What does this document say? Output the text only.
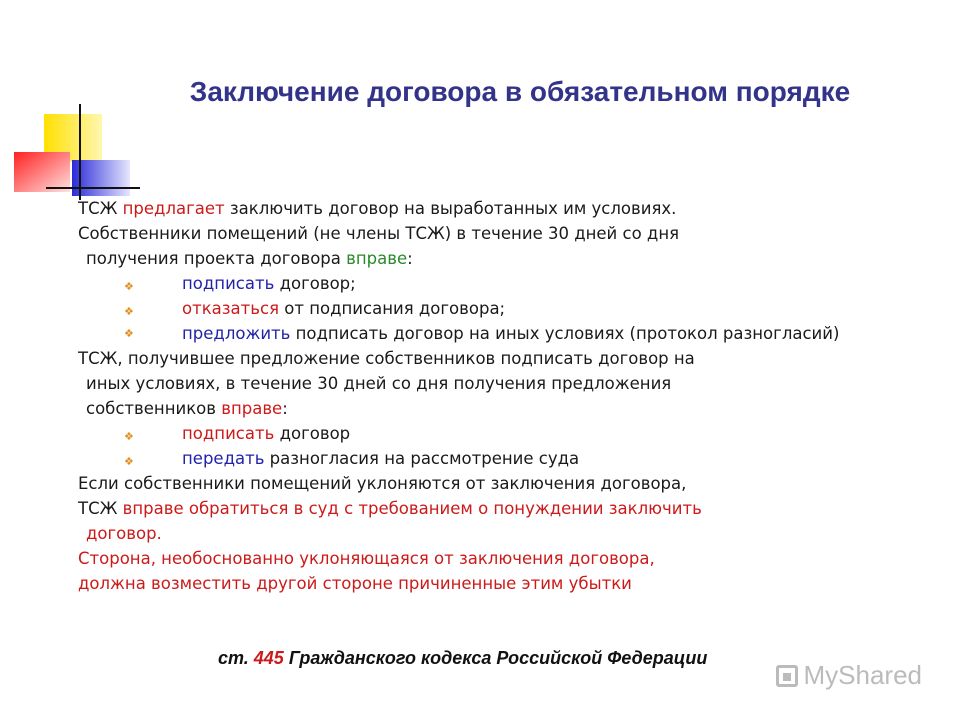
Заключение договора в обязательном порядке
ТСЖ предлагает заключить договор на выработанных им условиях.
Собственники помещений (не члены ТСЖ) в течение 30 дней со дня
получения проекта договора вправе:
❖	подписать договор;
❖	отказаться от подписания договора;
❖	предложить подписать договор на иных условиях (протокол разногласий)
ТСЖ, получившее предложение собственников подписать договор на
иных условиях, в течение 30 дней со дня получения предложения
собственников вправе:
❖	подписать договор
❖	передать разногласия на рассмотрение суда
Если собственники помещений уклоняются от заключения договора,
ТСЖ вправе обратиться в суд с требованием о понуждении заключить
договор.
Сторона, необоснованно уклоняющаяся от заключения договора,
должна возместить другой стороне причиненные этим убытки
ст. 445 Гражданского кодекса Российской Федерации
MyShared
